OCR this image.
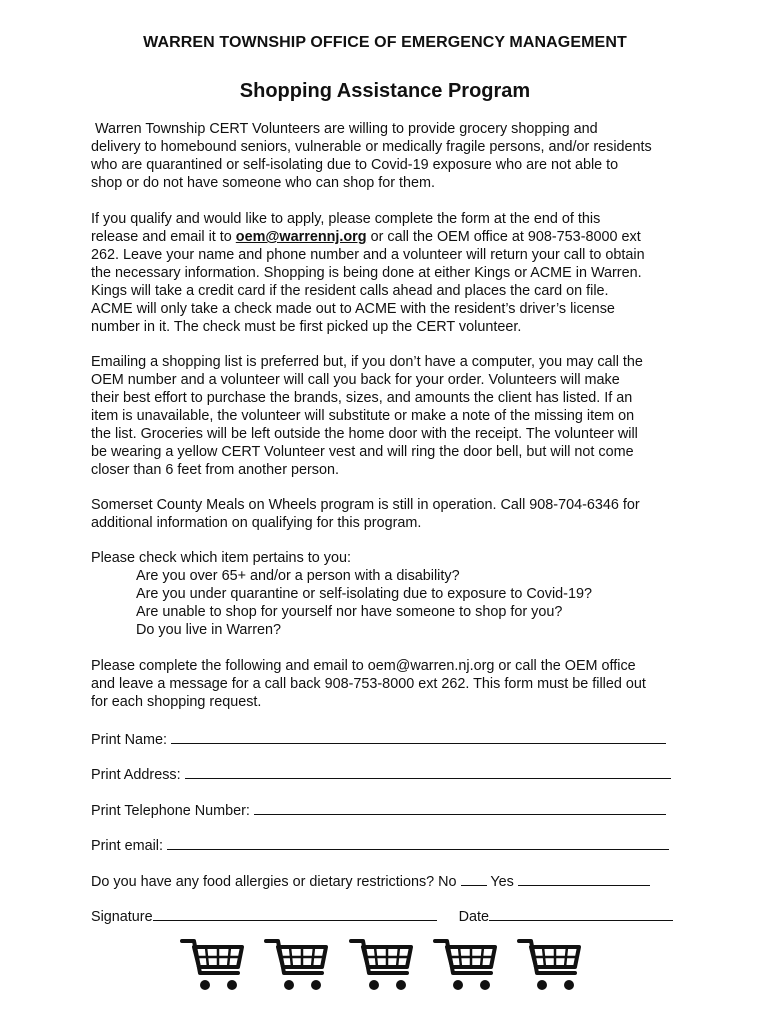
WARREN TOWNSHIP OFFICE OF EMERGENCY MANAGEMENT
Shopping Assistance Program
Warren Township CERT Volunteers are willing to provide grocery shopping and
delivery to homebound seniors, vulnerable or medically fragile persons, and/or residents
who are quarantined or self-isolating due to Covid-19 exposure who are not able to
shop or do not have someone who can shop for them.
If you qualify and would like to apply, please complete the form at the end of this
release and email it to oem@warrennj.org or call the OEM office at 908-753-8000 ext
262. Leave your name and phone number and a volunteer will return your call to obtain
the necessary information. Shopping is being done at either Kings or ACME in Warren.
Kings will take a credit card if the resident calls ahead and places the card on file.
ACME will only take a check made out to ACME with the resident’s driver’s license
number in it. The check must be first picked up the CERT volunteer.
Emailing a shopping list is preferred but, if you don’t have a computer, you may call the
OEM number and a volunteer will call you back for your order. Volunteers will make
their best effort to purchase the brands, sizes, and amounts the client has listed. If an
item is unavailable, the volunteer will substitute or make a note of the missing item on
the list. Groceries will be left outside the home door with the receipt. The volunteer will
be wearing a yellow CERT Volunteer vest and will ring the door bell, but will not come
closer than 6 feet from another person.
Somerset County Meals on Wheels program is still in operation. Call 908-704-6346 for
additional information on qualifying for this program.
Please check which item pertains to you:
Are you over 65+ and/or a person with a disability?
Are you under quarantine or self-isolating due to exposure to Covid-19?
Are unable to shop for yourself nor have someone to shop for you?
Do you live in Warren?
Please complete the following and email to oem@warren.nj.org or call the OEM office
and leave a message for a call back 908-753-8000 ext 262. This form must be filled out
for each shopping request.
Print Name:
Print Address:
Print Telephone Number:
Print email:
Do you have any food allergies or dietary restrictions? No Yes
Signature	Date
